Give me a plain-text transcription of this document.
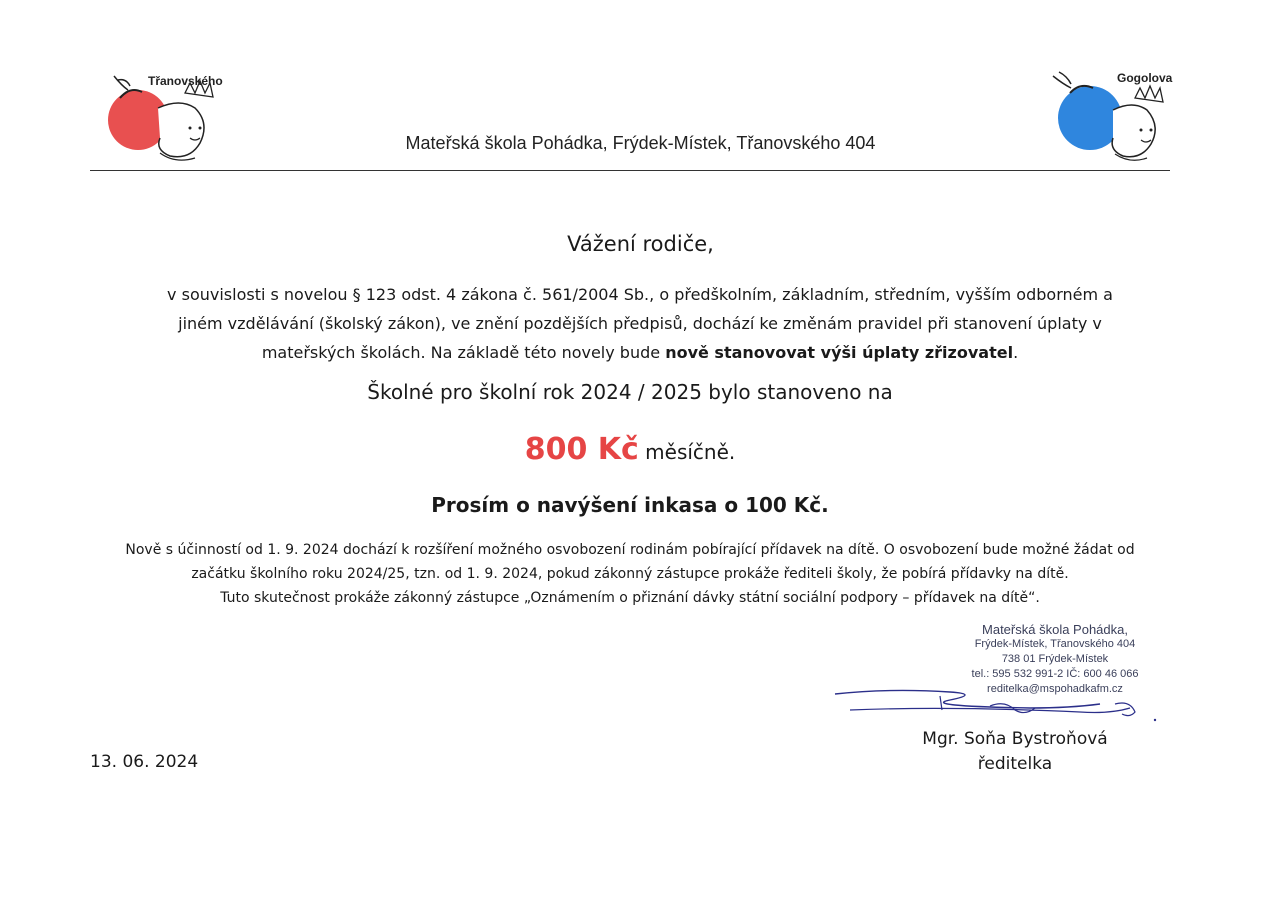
Třanovského	Gogolova
Mateřská škola Pohádka, Frýdek-Místek, Třanovského 404
Vážení rodiče,
v souvislosti s novelou § 123 odst. 4 zákona č. 561/2004 Sb., o předškolním, základním, středním, vyšším odborném a
jiném vzdělávání (školský zákon), ve znění pozdějších předpisů, dochází ke změnám pravidel při stanovení úplaty v
mateřských školách. Na základě této novely bude nově stanovovat výši úplaty zřizovatel.
Školné pro školní rok 2024 / 2025 bylo stanoveno na
800 Kč měsíčně.
Prosím o navýšení inkasa o 100 Kč.
Nově s účinností od 1. 9. 2024 dochází k rozšíření možného osvobození rodinám pobírající přídavek na dítě. O osvobození bude možné žádat od
začátku školního roku 2024/25, tzn. od 1. 9. 2024, pokud zákonný zástupce prokáže řediteli školy, že pobírá přídavky na dítě.
Tuto skutečnost prokáže zákonný zástupce „Oznámením o přiznání dávky státní sociální podpory – přídavek na dítě“.
Mateřská škola Pohádka,
Frýdek-Místek, Třanovského 404
738 01 Frýdek-Místek
tel.: 595 532 991-2 IČ: 600 46 066
reditelka@mspohadkafm.cz
Mgr. Soňa Bystroňová
ředitelka
13. 06. 2024
